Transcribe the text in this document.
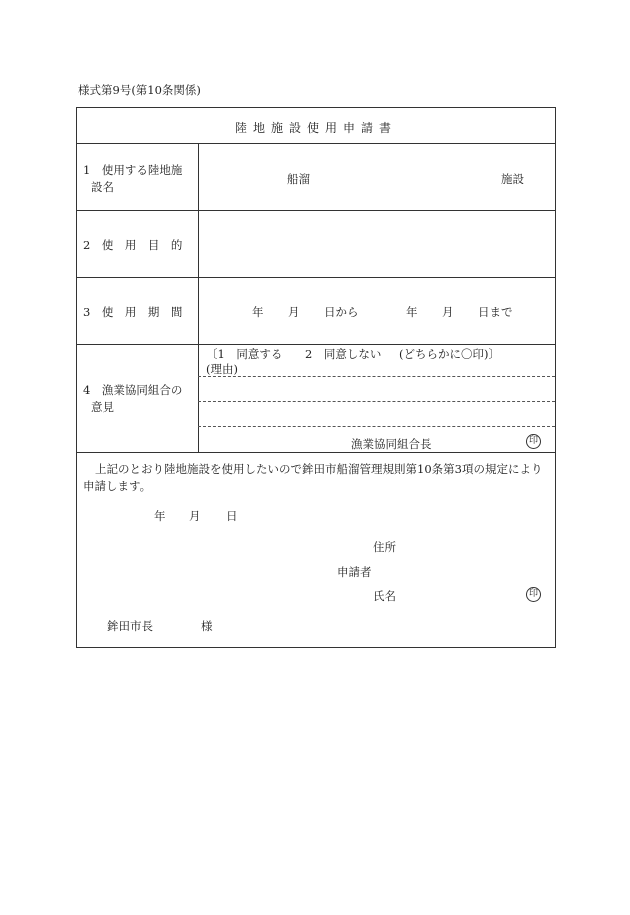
様式第9号(第10条関係)
陸地施設使用申請書
1　使用する陸地施
設名
船溜	施設
2　使　用　目　的
3　使　用　期　間	年 月 日から	年 月 日まで
4　漁業協同組合の
意見
〔1　同意する 2　同意しない (どちらかに〇印)〕
(理由)
漁業協同組合長	印
上記のとおり陸地施設を使用したいので鉾田市船溜管理規則第10条第3項の規定により
申請します。
年 月 日
住所
申請者
氏名	印
鉾田市長	様
